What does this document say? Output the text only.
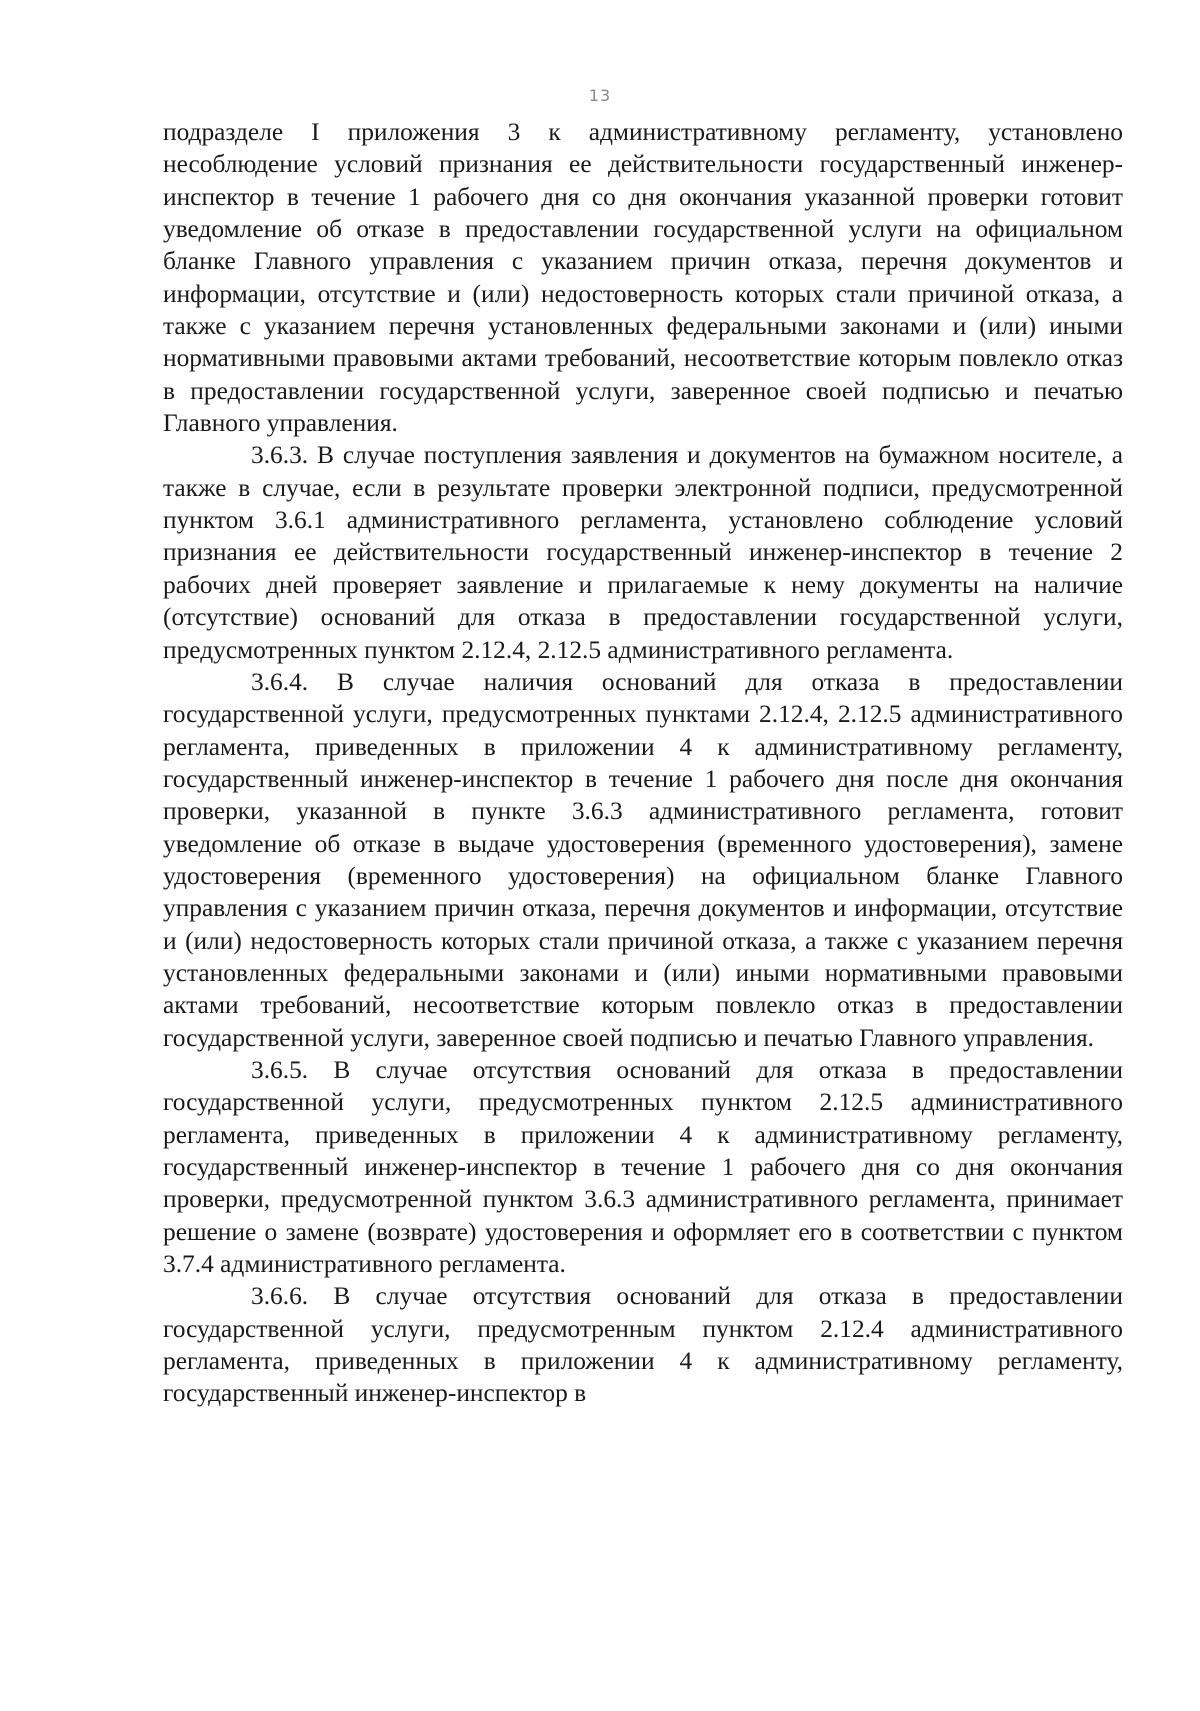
13

подразделе I приложения 3 к административному регламенту, установлено несоблюдение условий признания ее действительности государственный инженер-инспектор в течение 1 рабочего дня со дня окончания указанной проверки готовит уведомление об отказе в предоставлении государственной услуги на официальном бланке Главного управления с указанием причин отказа, перечня документов и информации, отсутствие и (или) недостоверность которых стали причиной отказа, а также с указанием перечня установленных федеральными законами и (или) иными нормативными правовыми актами требований, несоответствие которым повлекло отказ в предоставлении государственной услуги, заверенное своей подписью и печатью Главного управления.

3.6.3. В случае поступления заявления и документов на бумажном носителе, а также в случае, если в результате проверки электронной подписи, предусмотренной пунктом 3.6.1 административного регламента, установлено соблюдение условий признания ее действительности государственный инженер-инспектор в течение 2 рабочих дней проверяет заявление и прилагаемые к нему документы на наличие (отсутствие) оснований для отказа в предоставлении государственной услуги, предусмотренных пунктом 2.12.4, 2.12.5 административного регламента.

3.6.4. В случае наличия оснований для отказа в предоставлении государственной услуги, предусмотренных пунктами 2.12.4, 2.12.5 административного регламента, приведенных в приложении 4 к административному регламенту, государственный инженер-инспектор в течение 1 рабочего дня после дня окончания проверки, указанной в пункте 3.6.3 административного регламента, готовит уведомление об отказе в выдаче удостоверения (временного удостоверения), замене удостоверения (временного удостоверения) на официальном бланке Главного управления с указанием причин отказа, перечня документов и информации, отсутствие и (или) недостоверность которых стали причиной отказа, а также с указанием перечня установленных федеральными законами и (или) иными нормативными правовыми актами требований, несоответствие которым повлекло отказ в предоставлении государственной услуги, заверенное своей подписью и печатью Главного управления.

3.6.5. В случае отсутствия оснований для отказа в предоставлении государственной услуги, предусмотренных пунктом 2.12.5 административного регламента, приведенных в приложении 4 к административному регламенту, государственный инженер-инспектор в течение 1 рабочего дня со дня окончания проверки, предусмотренной пунктом 3.6.3 административного регламента, принимает решение о замене (возврате) удостоверения и оформляет его в соответствии с пунктом 3.7.4 административного регламента.

3.6.6. В случае отсутствия оснований для отказа в предоставлении государственной услуги, предусмотренным пунктом 2.12.4 административного регламента, приведенных в приложении 4 к административному регламенту, государственный инженер-инспектор в
